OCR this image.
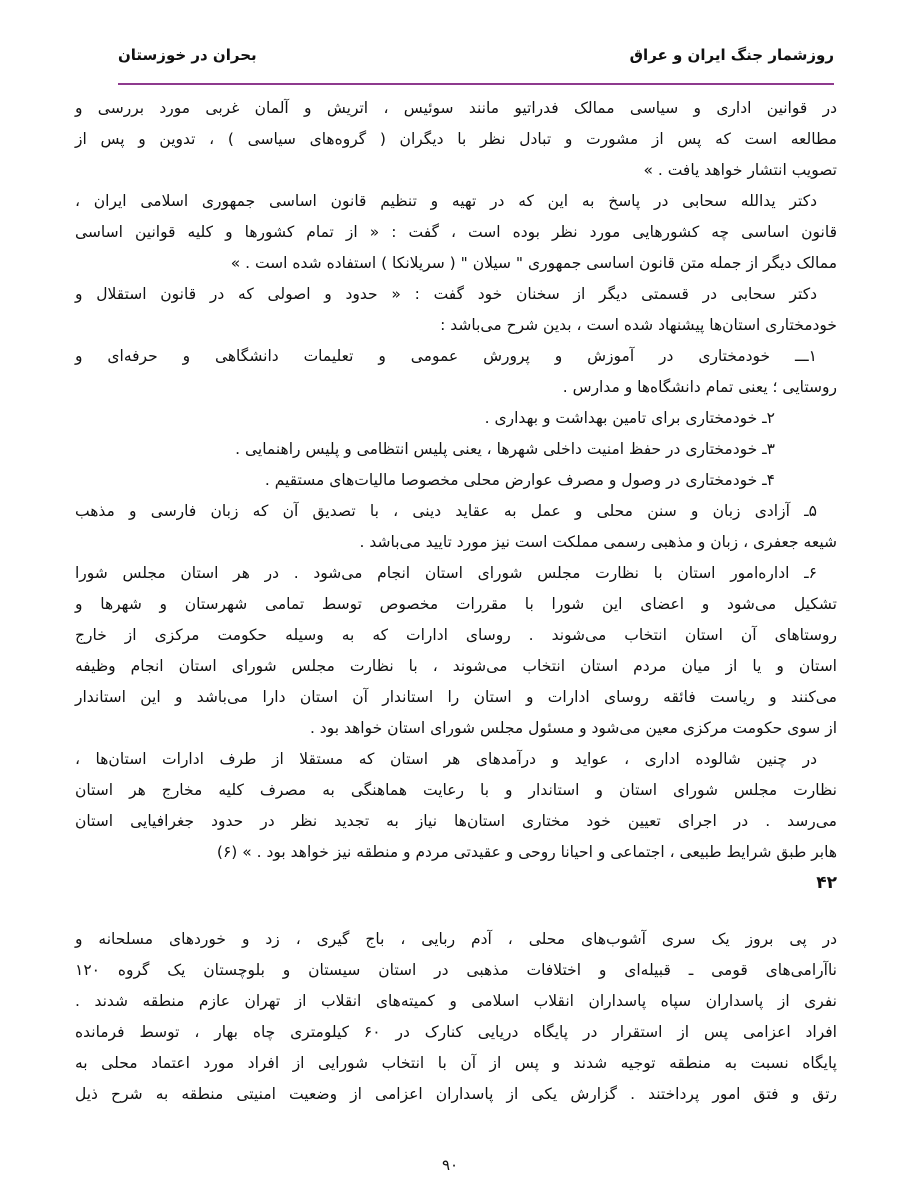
روزشمار جنگ ایران و عراق
بحران در خوزستان
در قوانین اداری و سیاسی ممالک فدراتیو مانند سوئیس ، اتریش و آلمان غربی مورد بررسی و
مطالعه است که پس از مشورت و تبادل نظر با دیگران ( گروه‌های سیاسی ) ، تدوین و پس از
تصویب انتشار خواهد یافت . »
دکتر یدالله سحابی در پاسخ به این که در تهیه و تنظیم قانون اساسی جمهوری اسلامی ایران ،
قانون اساسی چه کشورهایی مورد نظر بوده است ، گفت : « از تمام کشورها و کلیه قوانین اساسی
ممالک دیگر از جمله متن قانون اساسی جمهوری " سیلان " ( سریلانکا ) استفاده شده است . »
دکتر سحابی در قسمتی دیگر از سخنان خود گفت : « حدود و اصولی که در قانون استقلال و
خودمختاری استان‌ها پیشنهاد شده است ، بدین شرح می‌باشد :
۱ـــ خودمختاری در آموزش و پرورش عمومی و تعلیمات دانشگاهی و حرفه‌ای و
روستایی ؛ یعنی تمام دانشگاه‌ها و مدارس .
۲ـ خودمختاری برای تامین بهداشت و بهداری .
۳ـ خودمختاری در حفظ امنیت داخلی شهرها ، یعنی پلیس انتظامی و پلیس راهنمایی .
۴ـ خودمختاری در وصول و مصرف عوارض محلی مخصوصا مالیات‌های مستقیم .
۵ـ آزادی زبان و سنن محلی و عمل به عقاید دینی ، با تصدیق آن که زبان فارسی و مذهب
شیعه جعفری ، زبان و مذهبی رسمی مملکت است نیز مورد تایید می‌باشد .
۶ـ اداره‌امور استان با نظارت مجلس شورای استان انجام می‌شود . در هر استان مجلس شورا
تشکیل می‌شود و اعضای این شورا با مقررات مخصوص توسط تمامی شهرستان و شهرها و
روستاهای آن استان انتخاب می‌شوند . روسای ادارات که به وسیله حکومت مرکزی از خارج
استان و یا از میان مردم استان انتخاب می‌شوند ، با نظارت مجلس شورای استان انجام وظیفه
می‌کنند و ریاست فائقه روسای ادارات و استان را استاندار آن استان دارا می‌باشد و این استاندار
از سوی حکومت مرکزی معین می‌شود و مسئول مجلس شورای استان خواهد بود .
در چنین شالوده اداری ، عواید و درآمدهای هر استان که مستقلا از طرف ادارات استان‌ها ،
نظارت مجلس شورای استان و استاندار و با رعایت هماهنگی به مصرف کلیه مخارج هر استان
می‌رسد . در اجرای تعیین خود مختاری استان‌ها نیاز به تجدید نظر در حدود جغرافیایی استان
هابر طبق شرایط طبیعی ، اجتماعی و احیانا روحی و عقیدتی مردم و منطقه نیز خواهد بود . » (۶)
۴۲
در پی بروز یک سری آشوب‌های محلی ، آدم ربایی ، باج گیری ، زد و خوردهای مسلحانه و
ناآرامی‌های قومی ـ قبیله‌ای و اختلافات مذهبی در استان سیستان و بلوچستان یک گروه ۱۲۰
نفری از پاسداران سپاه پاسداران انقلاب اسلامی و کمیته‌های انقلاب از تهران عازم منطقه شدند .
افراد اعزامی پس از استقرار در پایگاه دریایی کنارک در ۶۰ کیلومتری چاه بهار ، توسط فرمانده
پایگاه نسبت به منطقه توجیه شدند و پس از آن با انتخاب شورایی از افراد مورد اعتماد محلی به
رتق و فتق امور پرداختند . گزارش یکی از پاسداران اعزامی از وضعیت امنیتی منطقه به شرح ذیل
۹۰
